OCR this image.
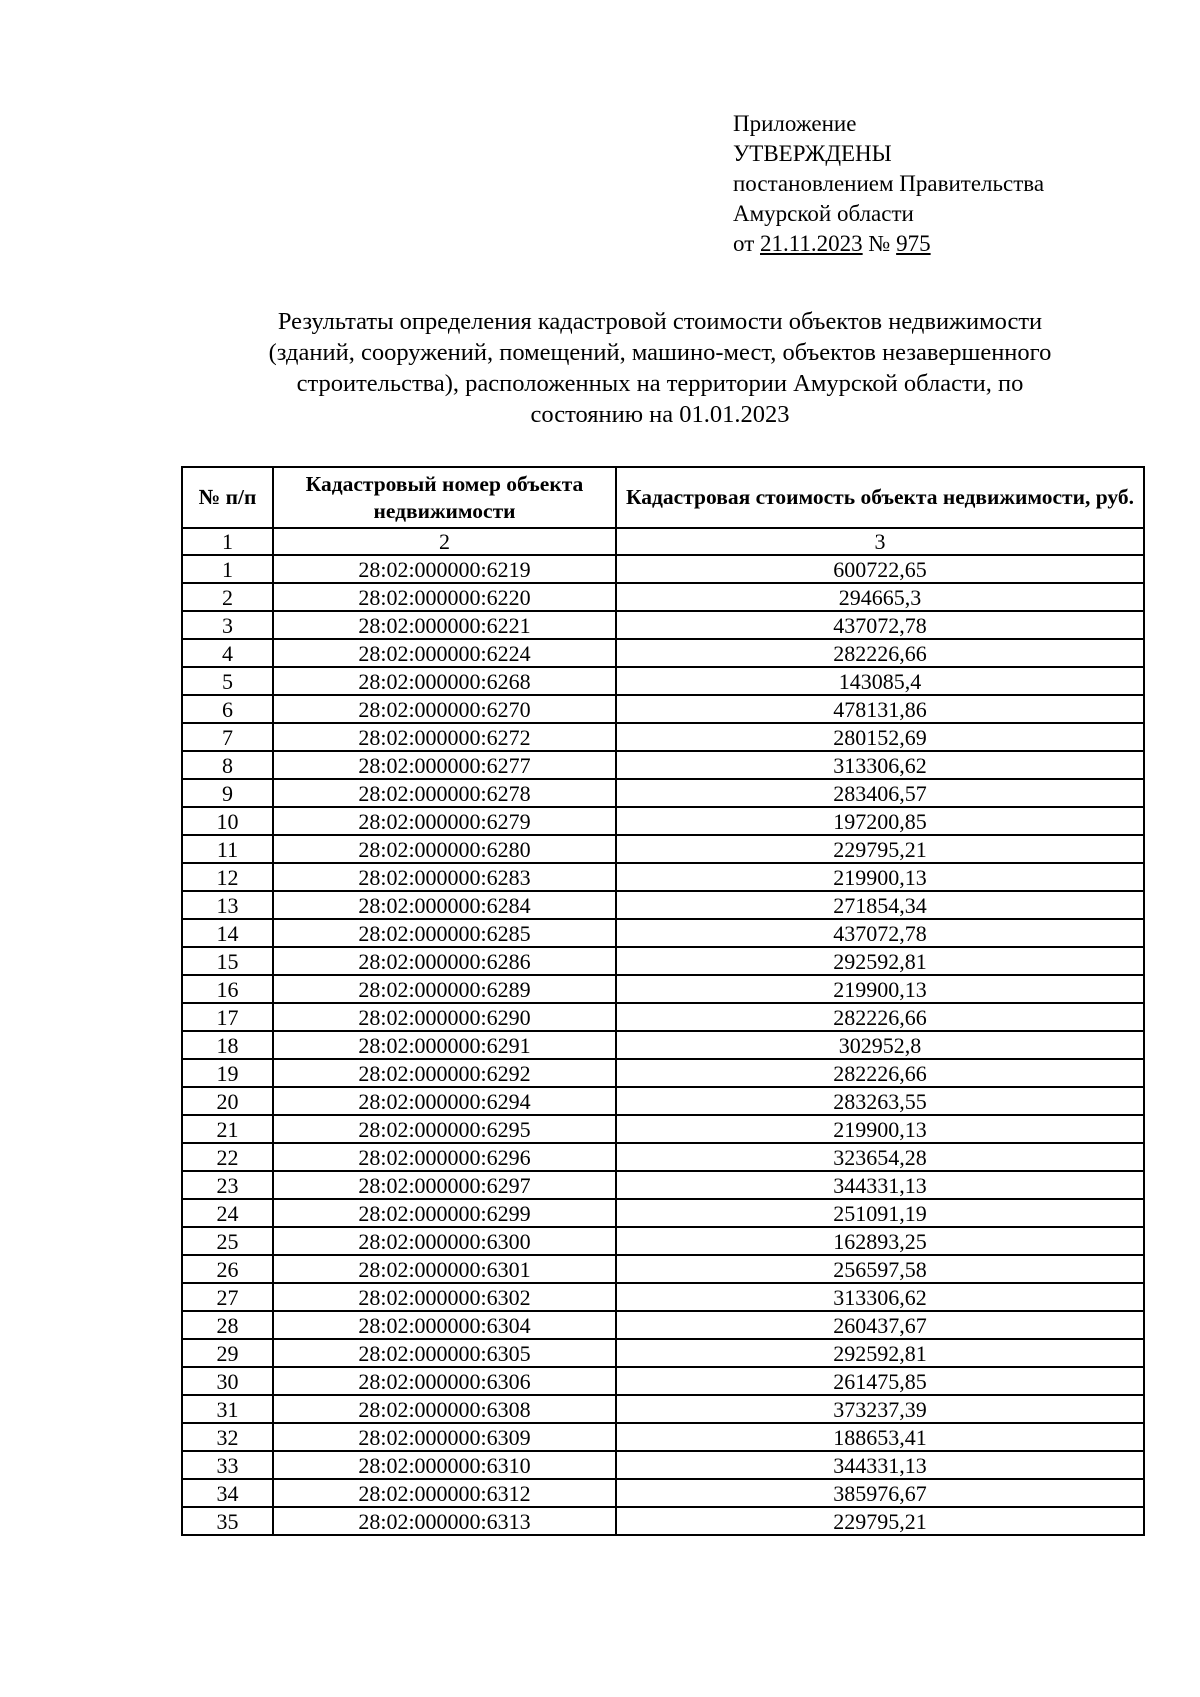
Приложение
УТВЕРЖДЕНЫ
постановлением Правительства
Амурской области
от 21.11.2023 № 975
Результаты определения кадастровой стоимости объектов недвижимости
(зданий, сооружений, помещений, машино-мест, объектов незавершенного
строительства), расположенных на территории Амурской области, по
состоянию на 01.01.2023
№ п/п	Кадастровый номер объекта недвижимости	Кадастровая стоимость объекта недвижимости, руб.
1	2	3
1	28:02:000000:6219	600722,65
2	28:02:000000:6220	294665,3
3	28:02:000000:6221	437072,78
4	28:02:000000:6224	282226,66
5	28:02:000000:6268	143085,4
6	28:02:000000:6270	478131,86
7	28:02:000000:6272	280152,69
8	28:02:000000:6277	313306,62
9	28:02:000000:6278	283406,57
10	28:02:000000:6279	197200,85
11	28:02:000000:6280	229795,21
12	28:02:000000:6283	219900,13
13	28:02:000000:6284	271854,34
14	28:02:000000:6285	437072,78
15	28:02:000000:6286	292592,81
16	28:02:000000:6289	219900,13
17	28:02:000000:6290	282226,66
18	28:02:000000:6291	302952,8
19	28:02:000000:6292	282226,66
20	28:02:000000:6294	283263,55
21	28:02:000000:6295	219900,13
22	28:02:000000:6296	323654,28
23	28:02:000000:6297	344331,13
24	28:02:000000:6299	251091,19
25	28:02:000000:6300	162893,25
26	28:02:000000:6301	256597,58
27	28:02:000000:6302	313306,62
28	28:02:000000:6304	260437,67
29	28:02:000000:6305	292592,81
30	28:02:000000:6306	261475,85
31	28:02:000000:6308	373237,39
32	28:02:000000:6309	188653,41
33	28:02:000000:6310	344331,13
34	28:02:000000:6312	385976,67
35	28:02:000000:6313	229795,21
